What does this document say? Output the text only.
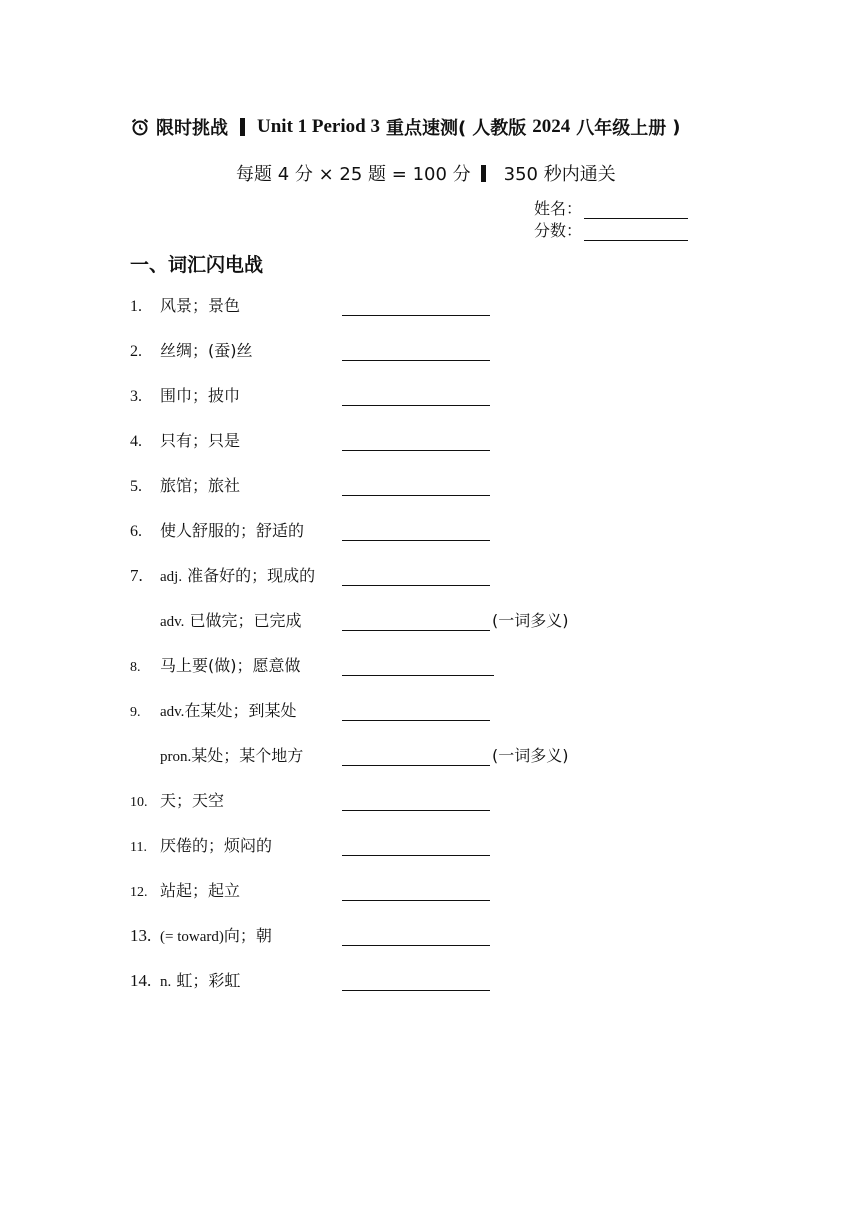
限时挑战 Unit 1 Period 3 重点速测( 人教版 2024 八年级上册 )
每题 4 分 × 25 题 = 100 分 350 秒内通关
姓名：
分数：
一、词汇闪电战
1. 风景；景色
2. 丝绸；(蚕)丝
3. 围巾；披巾
4. 只有；只是
5. 旅馆；旅社
6. 使人舒服的；舒适的
7. adj. 准备好的；现成的
adv. 已做完；已完成	(一词多义)
8. 马上要(做)；愿意做
9. adv.在某处；到某处
pron.某处；某个地方	(一词多义)
10. 天；天空
11. 厌倦的；烦闷的
12. 站起；起立
13. (= toward)向；朝
14. n. 虹；彩虹
